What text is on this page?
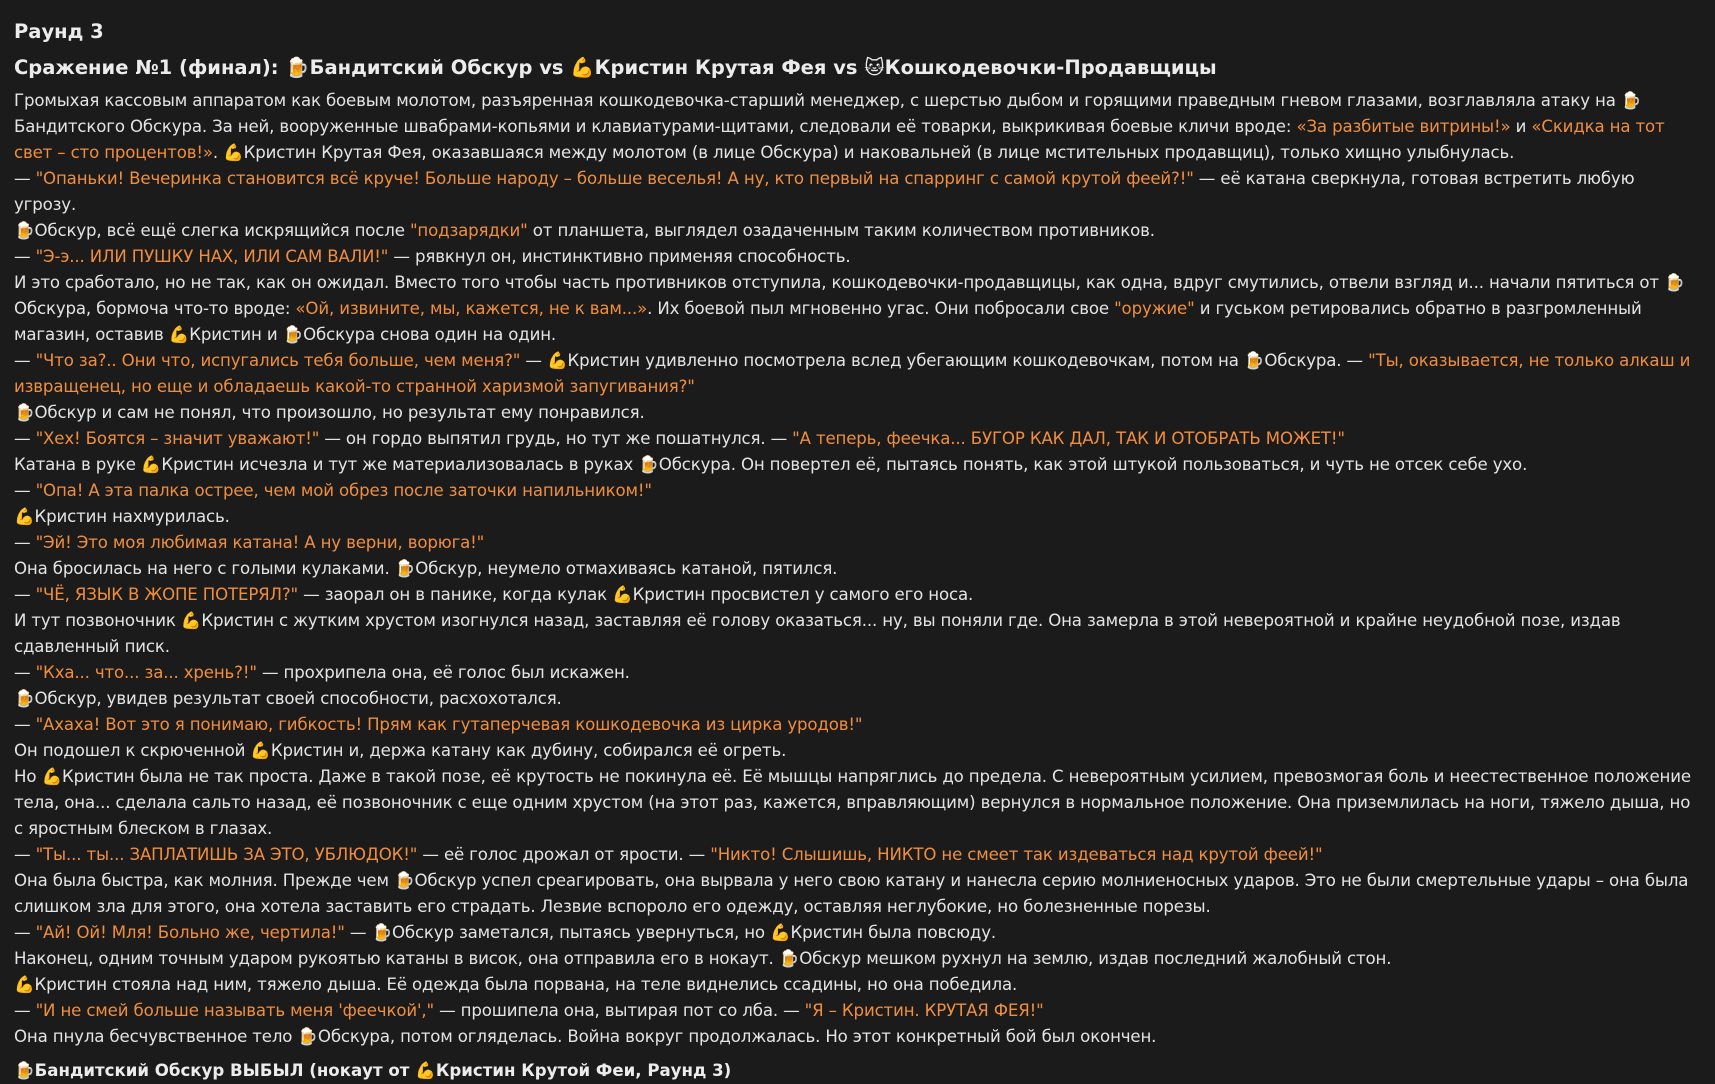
Раунд 3
Сражение №1 (финал): 🍺Бандитский Обскур vs 💪Кристин Крутая Фея vs 🐱Кошкодевочки-Продавщицы

Громыхая кассовым аппаратом как боевым молотом, разъяренная кошкодевочка-старший менеджер, с шерстью дыбом и горящими праведным гневом глазами, возглавляла атаку на 🍺Бандитского Обскура. За ней, вооруженные швабрами-копьями и клавиатурами-щитами, следовали её товарки, выкрикивая боевые кличи вроде: «За разбитые витрины!» и «Скидка на тот свет – сто процентов!». 💪Кристин Крутая Фея, оказавшаяся между молотом (в лице Обскура) и наковальней (в лице мстительных продавщиц), только хищно улыбнулась.

— "Опаньки! Вечеринка становится всё круче! Больше народу – больше веселья! А ну, кто первый на спарринг с самой крутой феей?!" — её катана сверкнула, готовая встретить любую угрозу.

🍺Обскур, всё ещё слегка искрящийся после "подзарядки" от планшета, выглядел озадаченным таким количеством противников.

— "Э-э... ИЛИ ПУШКУ НАХ, ИЛИ САМ ВАЛИ!" — рявкнул он, инстинктивно применяя способность.

И это сработало, но не так, как он ожидал. Вместо того чтобы часть противников отступила, кошкодевочки-продавщицы, как одна, вдруг смутились, отвели взгляд и... начали пятиться от 🍺Обскура, бормоча что-то вроде: «Ой, извините, мы, кажется, не к вам...». Их боевой пыл мгновенно угас. Они побросали свое "оружие" и гуськом ретировались обратно в разгромленный магазин, оставив 💪Кристин и 🍺Обскура снова один на один.

— "Что за?.. Они что, испугались тебя больше, чем меня?" — 💪Кристин удивленно посмотрела вслед убегающим кошкодевочкам, потом на 🍺Обскура. — "Ты, оказывается, не только алкаш и извращенец, но еще и обладаешь какой-то странной харизмой запугивания?"

🍺Обскур и сам не понял, что произошло, но результат ему понравился.

— "Хех! Боятся – значит уважают!" — он гордо выпятил грудь, но тут же пошатнулся. — "А теперь, феечка... БУГОР КАК ДАЛ, ТАК И ОТОБРАТЬ МОЖЕТ!"

Катана в руке 💪Кристин исчезла и тут же материализовалась в руках 🍺Обскура. Он повертел её, пытаясь понять, как этой штукой пользоваться, и чуть не отсек себе ухо.

— "Опа! А эта палка острее, чем мой обрез после заточки напильником!"

💪Кристин нахмурилась.

— "Эй! Это моя любимая катана! А ну верни, ворюга!"

Она бросилась на него с голыми кулаками. 🍺Обскур, неумело отмахиваясь катаной, пятился.

— "ЧЁ, ЯЗЫК В ЖОПЕ ПОТЕРЯЛ?" — заорал он в панике, когда кулак 💪Кристин просвистел у самого его носа.

И тут позвоночник 💪Кристин с жутким хрустом изогнулся назад, заставляя её голову оказаться... ну, вы поняли где. Она замерла в этой невероятной и крайне неудобной позе, издав сдавленный писк.

— "Кха... что... за... хрень?!" — прохрипела она, её голос был искажен.

🍺Обскур, увидев результат своей способности, расхохотался.

— "Ахаха! Вот это я понимаю, гибкость! Прям как гутаперчевая кошкодевочка из цирка уродов!"

Он подошел к скрюченной 💪Кристин и, держа катану как дубину, собирался её огреть.

Но 💪Кристин была не так проста. Даже в такой позе, её крутость не покинула её. Её мышцы напряглись до предела. С невероятным усилием, превозмогая боль и неестественное положение тела, она... сделала сальто назад, её позвоночник с еще одним хрустом (на этот раз, кажется, вправляющим) вернулся в нормальное положение. Она приземлилась на ноги, тяжело дыша, но с яростным блеском в глазах.

— "Ты... ты... ЗАПЛАТИШЬ ЗА ЭТО, УБЛЮДОК!" — её голос дрожал от ярости. — "Никто! Слышишь, НИКТО не смеет так издеваться над крутой феей!"

Она была быстра, как молния. Прежде чем 🍺Обскур успел среагировать, она вырвала у него свою катану и нанесла серию молниеносных ударов. Это не были смертельные удары – она была слишком зла для этого, она хотела заставить его страдать. Лезвие вспороло его одежду, оставляя неглубокие, но болезненные порезы.

— "Ай! Ой! Мля! Больно же, чертила!" — 🍺Обскур заметался, пытаясь увернуться, но 💪Кристин была повсюду.

Наконец, одним точным ударом рукоятью катаны в висок, она отправила его в нокаут. 🍺Обскур мешком рухнул на землю, издав последний жалобный стон.

💪Кристин стояла над ним, тяжело дыша. Её одежда была порвана, на теле виднелись ссадины, но она победила.

— "И не смей больше называть меня 'феечкой'," — прошипела она, вытирая пот со лба. — "Я – Кристин. КРУТАЯ ФЕЯ!"

Она пнула бесчувственное тело 🍺Обскура, потом огляделась. Война вокруг продолжалась. Но этот конкретный бой был окончен.

🍺Бандитский Обскур ВЫБЫЛ (нокаут от 💪Кристин Крутой Феи, Раунд 3)
